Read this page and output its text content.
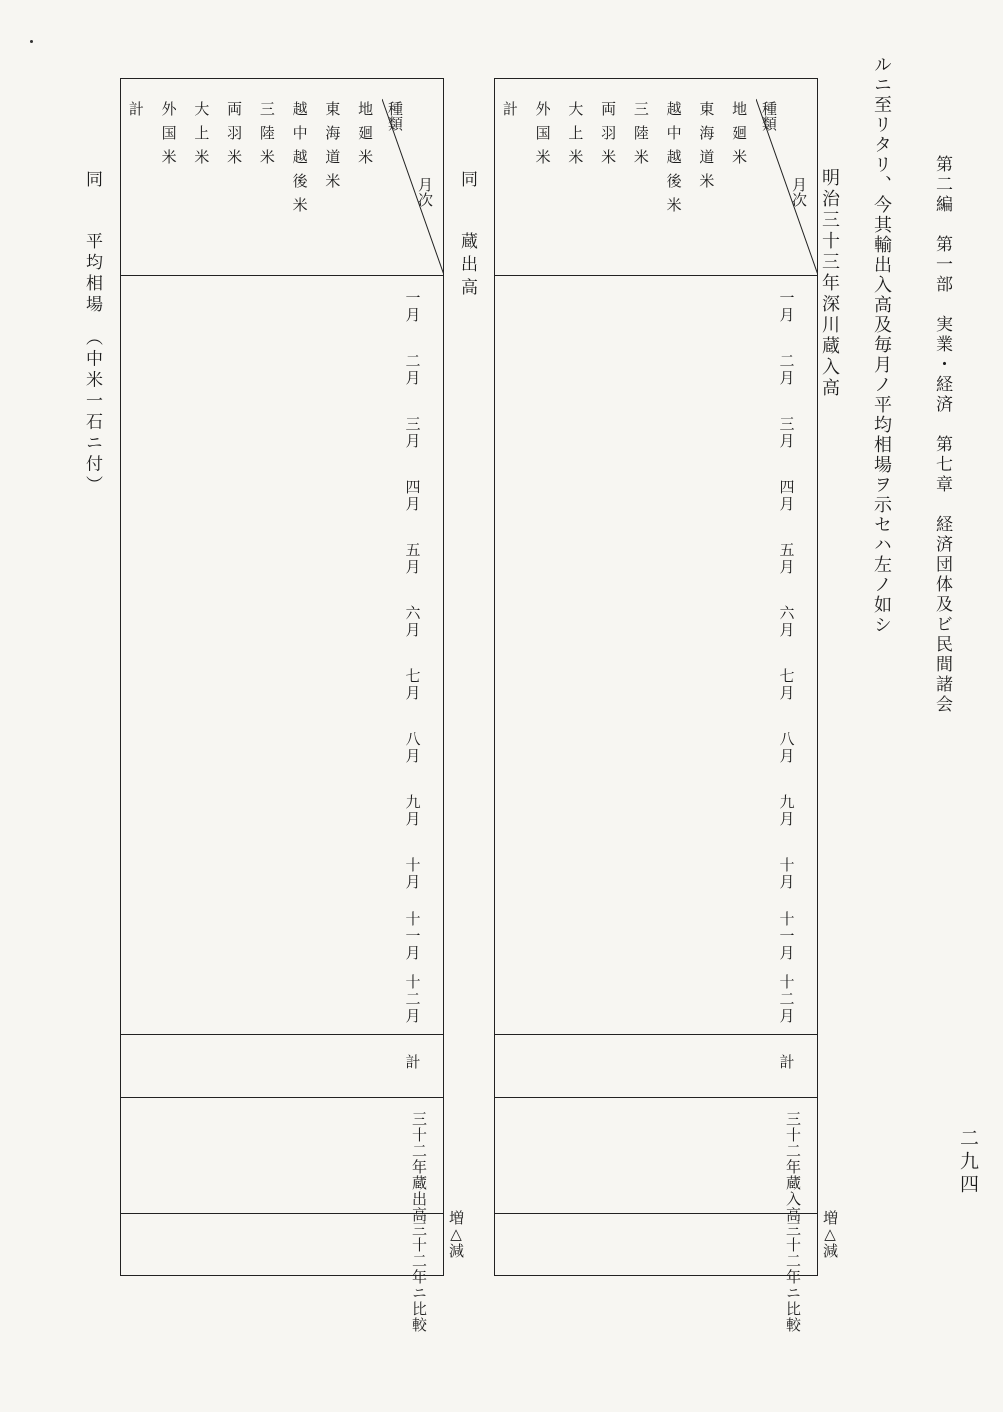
第二編　第一部　実業・経済　第七章　経済団体及ビ民間諸会
ルニ至リタリ、今其輸出入高及毎月ノ平均相場ヲ示セハ左ノ如シ
二九四
明治三十三年深川蔵入高
種類
月次
一月
二月
三月
四月
五月
六月
七月
八月
九月
十月
十一月
十二月
計
地廻米
東海道米
越中越後米
三陸米
両羽米
大上米
外国米
計
三十二年蔵入高
三十二年ニ比較 増△減
種類
月次
一月
二月
三月
四月
五月
六月
七月
八月
九月
十月
十一月
十二月
計
地廻米
東海道米
越中越後米
三陸米
両羽米
大上米
外国米
計
三十二年蔵出高
三十二年ニ比較 増△減
同
蔵出高
同
平均相場　（中米一石ニ付）
